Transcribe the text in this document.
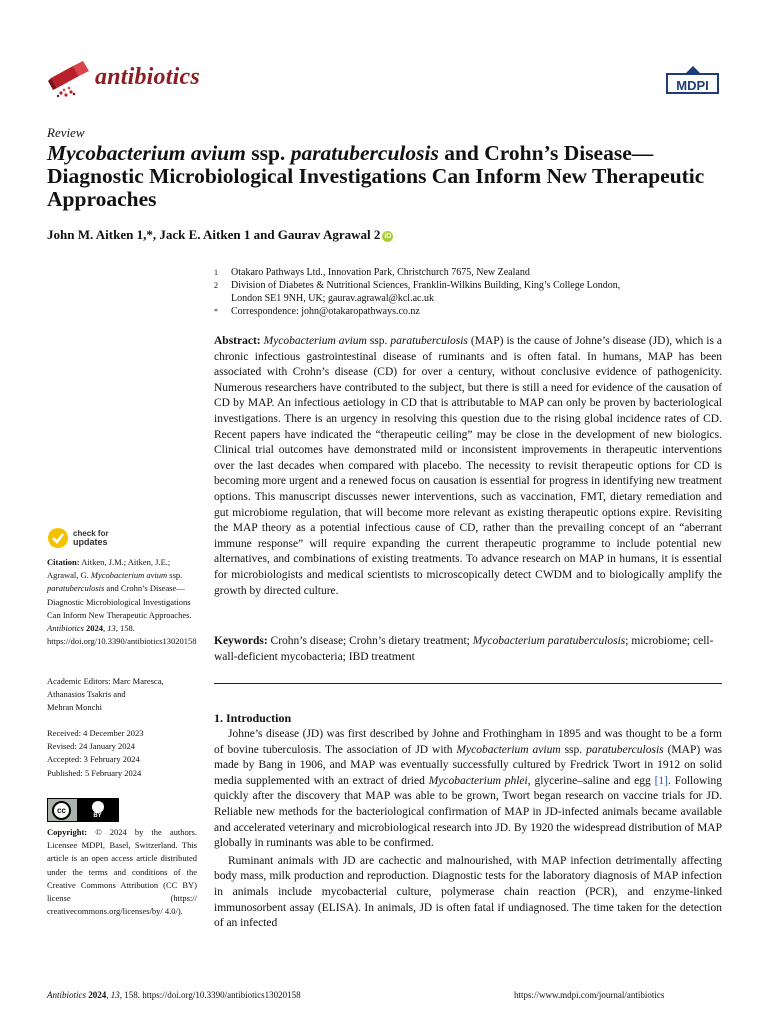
antibiotics	MDPI
Review
Mycobacterium avium ssp. paratuberculosis and Crohn’s Disease—Diagnostic Microbiological Investigations Can Inform New Therapeutic Approaches
John M. Aitken 1,*, Jack E. Aitken 1 and Gaurav Agrawal 2 iD
1 Otakaro Pathways Ltd., Innovation Park, Christchurch 7675, New Zealand
2 Division of Diabetes & Nutritional Sciences, Franklin-Wilkins Building, King’s College London,
London SE1 9NH, UK; gaurav.agrawal@kcl.ac.uk
* Correspondence: john@otakaropathways.co.nz
Abstract: Mycobacterium avium ssp. paratuberculosis (MAP) is the cause of Johne’s disease (JD), which is a chronic infectious gastrointestinal disease of ruminants and is often fatal. In humans, MAP has been associated with Crohn’s disease (CD) for over a century, without conclusive evidence of pathogenicity. Numerous researchers have contributed to the subject, but there is still a need for evidence of the causation of CD by MAP. An infectious aetiology in CD that is attributable to MAP can only be proven by bacteriological investigations. There is an urgency in resolving this question due to the rising global incidence rates of CD. Recent papers have indicated the “therapeutic ceiling” may be close in the development of new biologics. Clinical trial outcomes have demonstrated mild or inconsistent improvements in therapeutic interventions over the last decades when compared with placebo. The necessity to revisit therapeutic options for CD is becoming more urgent and a renewed focus on causation is essential for progress in identifying new treatment options. This manuscript discusses newer interventions, such as vaccination, FMT, dietary remediation and gut microbiome regulation, that will become more relevant as existing therapeutic options expire. Revisiting the MAP theory as a potential infectious cause of CD, rather than the prevailing concept of an “aberrant immune response” will require expanding the current therapeutic programme to include potential new alternatives, and combinations of existing treatments. To advance research on MAP in humans, it is essential for microbiologists and medical scientists to microscopically detect CWDM and to biologically amplify the growth by directed culture.
Keywords: Crohn’s disease; Crohn’s dietary treatment; Mycobacterium paratuberculosis; microbiome; cell-wall-deficient mycobacteria; IBD treatment
check for
updates
Citation: Aitken, J.M.; Aitken, J.E.; Agrawal, G. Mycobacterium avium ssp. paratuberculosis and Crohn’s Disease—Diagnostic Microbiological Investigations Can Inform New Therapeutic Approaches. Antibiotics 2024, 13, 158. https://doi.org/10.3390/antibiotics13020158
Academic Editors: Marc Maresca,
Athanasios Tsakris and
Mehran Monchi
Received: 4 December 2023
Revised: 24 January 2024
Accepted: 3 February 2024
Published: 5 February 2024
cc
BY
Copyright: © 2024 by the authors. Licensee MDPI, Basel, Switzerland. This article is an open access article distributed under the terms and conditions of the Creative Commons Attribution (CC BY) license (https:// creativecommons.org/licenses/by/ 4.0/).
1. Introduction

Johne’s disease (JD) was first described by Johne and Frothingham in 1895 and was thought to be a form of bovine tuberculosis. The association of JD with Mycobacterium avium ssp. paratuberculosis (MAP) was made by Bang in 1906, and MAP was eventually successfully cultured by Fredrick Twort in 1912 on solid media supplemented with an extract of dried Mycobacterium phlei, glycerine–saline and egg [1]. Following quickly after the discovery that MAP was able to be grown, Twort began research on vaccine trials for JD. Reliable new methods for the bacteriological confirmation of MAP in JD-infected animals became available and accelerated veterinary and microbiological research into JD. By 1920 the widespread distribution of MAP globally in ruminants was able to be confirmed.

Ruminant animals with JD are cachectic and malnourished, with MAP infection detrimentally affecting body mass, milk production and reproduction. Diagnostic tests for the laboratory diagnosis of MAP infection in animals include mycobacterial culture, polymerase chain reaction (PCR), and enzyme-linked immunosorbent assay (ELISA). In animals, JD is often fatal if undiagnosed. The time taken for the detection of an infected

Antibiotics 2024, 13, 158. https://doi.org/10.3390/antibiotics13020158	https://www.mdpi.com/journal/antibiotics
